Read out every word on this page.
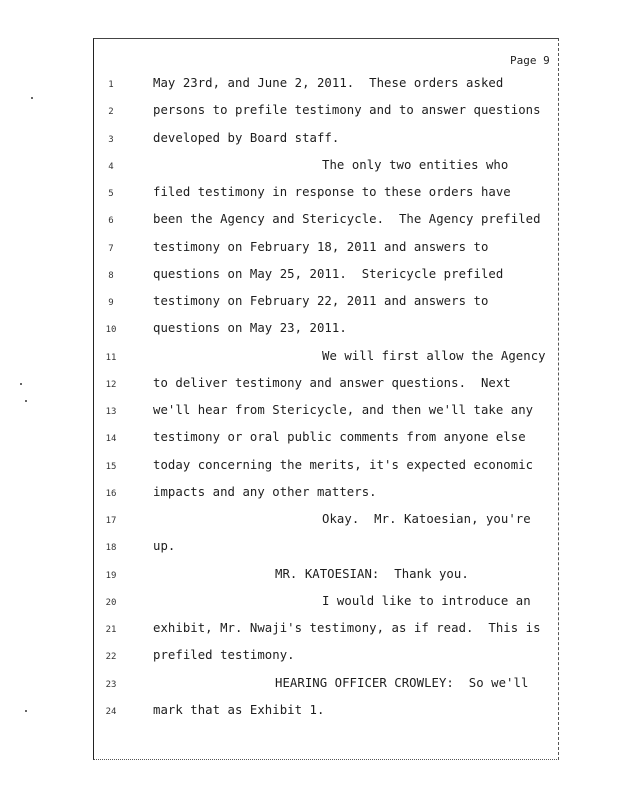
Page 9
1	May 23rd, and June 2, 2011.  These orders asked
2	persons to prefile testimony and to answer questions
3	developed by Board staff.
4	The only two entities who
5	filed testimony in response to these orders have
6	been the Agency and Stericycle.  The Agency prefiled
7	testimony on February 18, 2011 and answers to
8	questions on May 25, 2011.  Stericycle prefiled
9	testimony on February 22, 2011 and answers to
10	questions on May 23, 2011.
11	We will first allow the Agency
12	to deliver testimony and answer questions.  Next
13	we'll hear from Stericycle, and then we'll take any
14	testimony or oral public comments from anyone else
15	today concerning the merits, it's expected economic
16	impacts and any other matters.
17	Okay.  Mr. Katoesian, you're
18	up.
19	MR. KATOESIAN:  Thank you.
20	I would like to introduce an
21	exhibit, Mr. Nwaji's testimony, as if read.  This is
22	prefiled testimony.
23	HEARING OFFICER CROWLEY:  So we'll
24	mark that as Exhibit 1.
